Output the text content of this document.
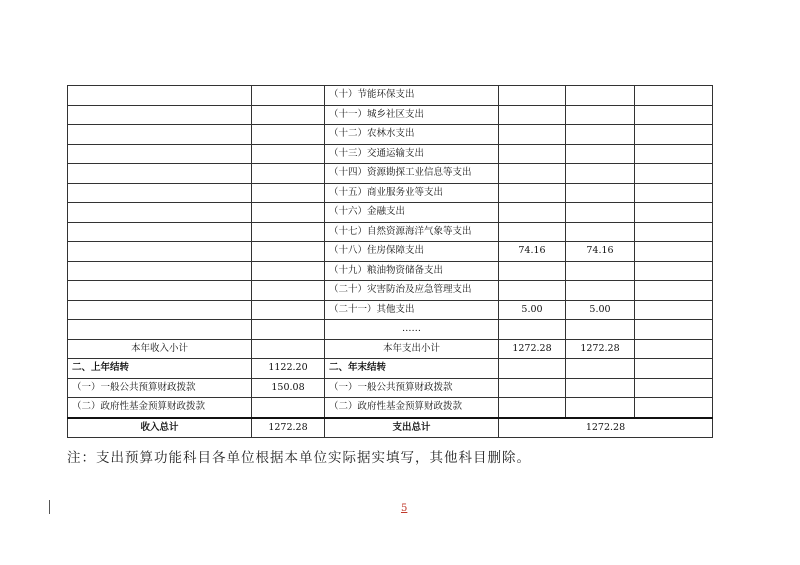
		（十）节能环保支出			
		（十一）城乡社区支出			
		（十二）农林水支出			
		（十三）交通运输支出			
		（十四）资源勘探工业信息等支出			
		（十五）商业服务业等支出			
		（十六）金融支出			
		（十七）自然资源海洋气象等支出			
		（十八）住房保障支出	74.16	74.16	
		（十九）粮油物资储备支出			
		（二十）灾害防治及应急管理支出			
		（二十一）其他支出	5.00	5.00	
		……			
本年收入小计		本年支出小计	1272.28	1272.28	
二、上年结转	1122.20	二、年末结转			
（一）一般公共预算财政拨款	150.08	（一）一般公共预算财政拨款			
（二）政府性基金预算财政拨款		（二）政府性基金预算财政拨款			
收入总计	1272.28	支出总计	1272.28		
注：支出预算功能科目各单位根据本单位实际据实填写，其他科目删除。
5
